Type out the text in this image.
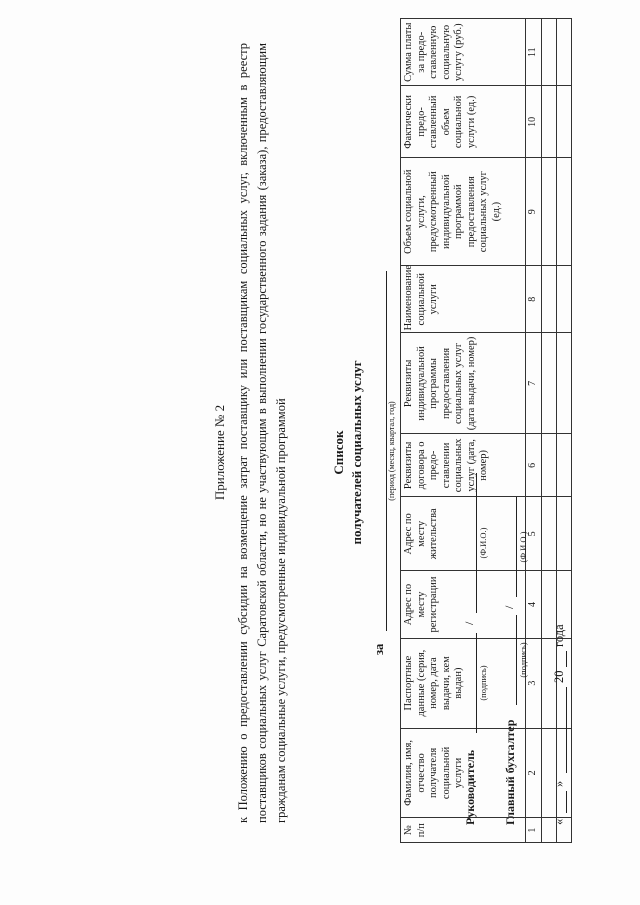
Приложение № 2 к Положению о предоставлении субсидии на возмещение затрат поставщику или поставщикам социальных услуг, включенным в реестр поставщиков социальных услуг Саратовской области, но не участвующим в выполнении государственного задания (заказа), предоставляющим гражданам социальные услуги, предусмотренные индивидуальной программой	Список получателей социальных услуг
за
(период (месяц, квартал, год)
№ п/п	Фамилия, имя, отчество получателя социальной услуги	Паспортные данные (серия, номер, дата выдачи, кем выдан)	Адрес по месту регистрации	Адрес по месту жительства	Реквизиты договора о предо-ставлении социальных услуг (дата, номер)	Реквизиты индивидуальной программы предоставления социальных услуг (дата выдачи, номер)	Наименование социальной услуги	Объем социальной услуги, предусмотренный индивидуальной программой предоставления социальных услуг (ед.)	Фактически предо-ставленный объем социальной услуги (ед.)	Сумма платы за предо-ставленную социальную услугу (руб.)
1	2	3	4	5	6	7	8	9	10	11

Руководитель
(подпись)
/
(Ф.И.О.)
Главный бухгалтер
(подпись)
/
(Ф.И.О.)
«
»
20
года
